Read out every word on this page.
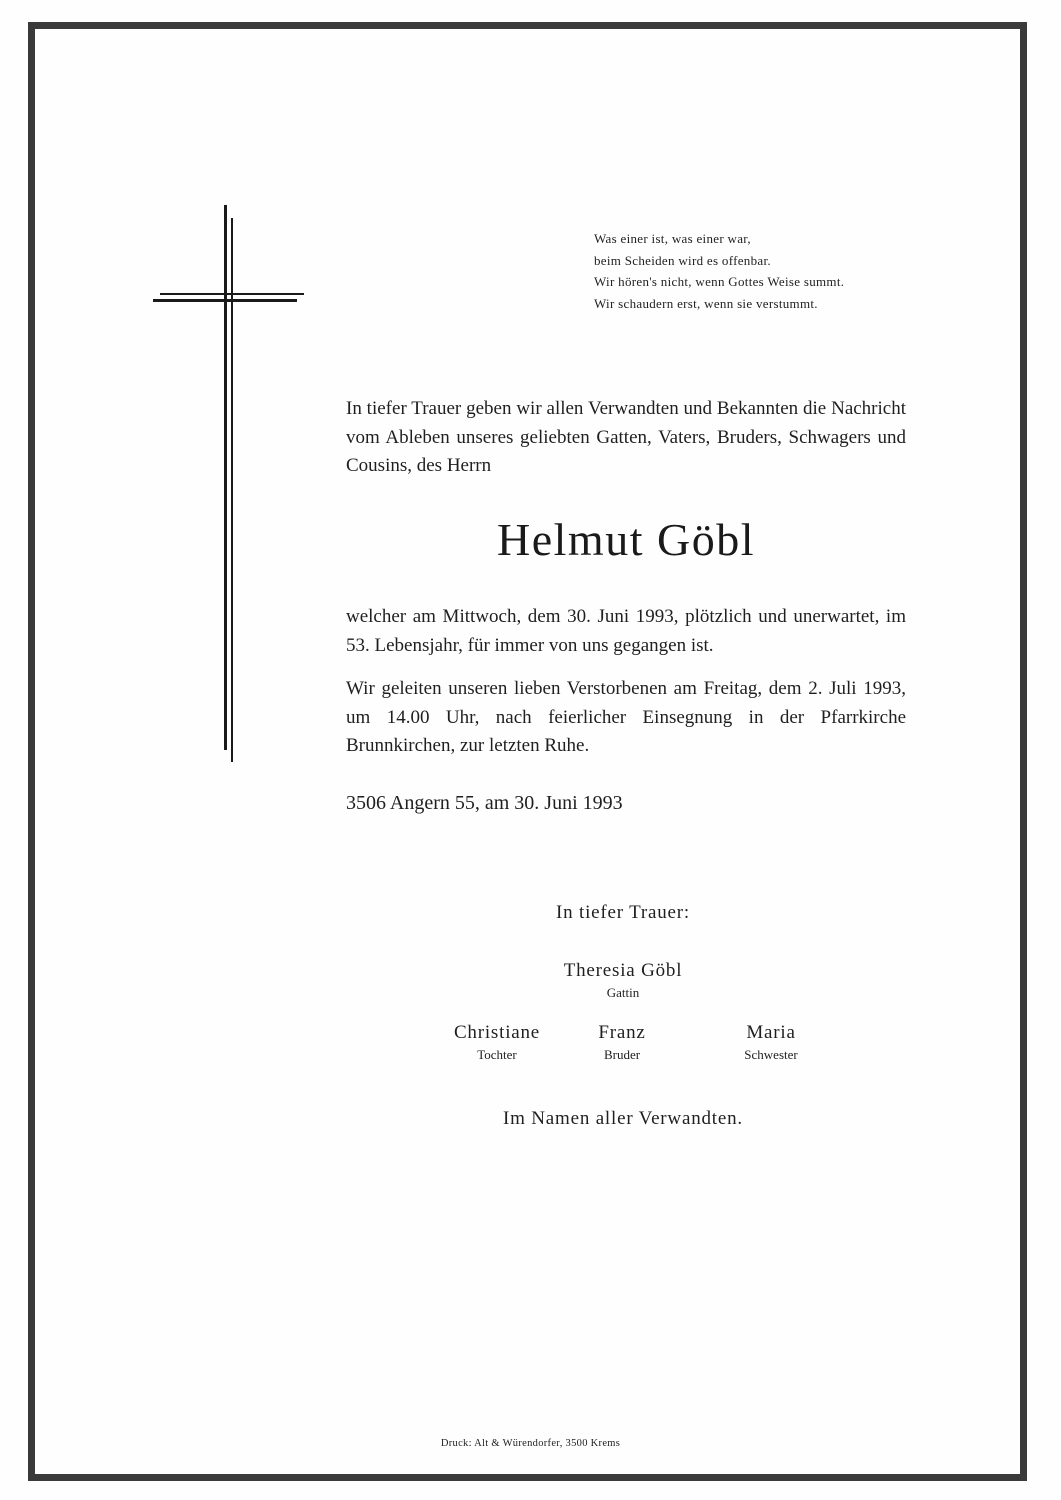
Was einer ist, was einer war,
beim Scheiden wird es offenbar.
Wir hören's nicht, wenn Gottes Weise summt.
Wir schaudern erst, wenn sie verstummt.
In tiefer Trauer geben wir allen Verwandten und Bekannten die Nachricht vom Ableben unseres geliebten Gatten, Vaters, Bruders, Schwagers und Cousins, des Herrn
Helmut Göbl
welcher am Mittwoch, dem 30. Juni 1993, plötzlich und unerwartet, im 53. Lebensjahr, für immer von uns gegangen ist.
Wir geleiten unseren lieben Verstorbenen am Freitag, dem 2. Juli 1993, um 14.00 Uhr, nach feierlicher Einsegnung in der Pfarrkirche Brunnkirchen, zur letzten Ruhe.
3506 Angern 55, am 30. Juni 1993
In tiefer Trauer:
Theresia Göbl
Gattin
Christiane
Tochter
Franz
Bruder
Maria
Schwester
Im Namen aller Verwandten.
Druck: Alt & Würendorfer, 3500 Krems
